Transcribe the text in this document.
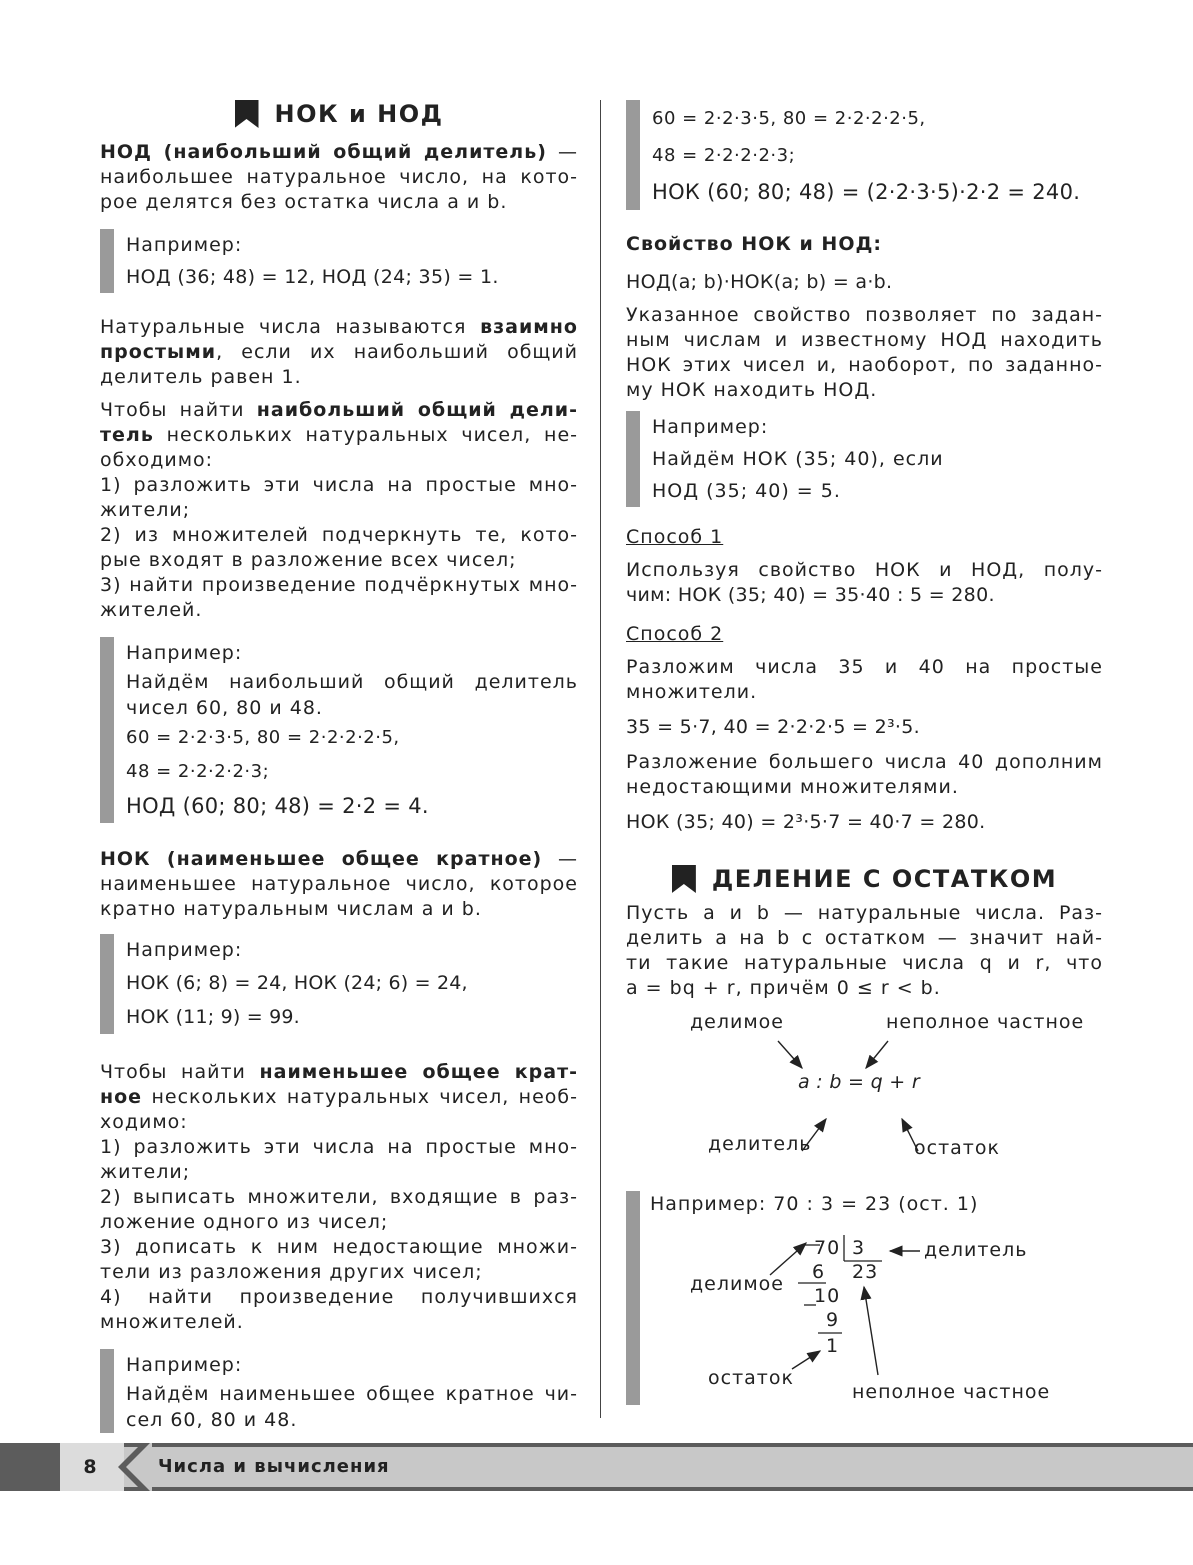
НОК и НОД

НОД (наибольший общий делитель) —

наибольшее натуральное число, на кото-

рое делятся без остатка числа a и b.

Например:
НОД (36; 48) = 12, НОД (24; 35) = 1.

Натуральные числа называются взаимно

простыми, если их наибольший общий

делитель равен 1.

Чтобы найти наибольший общий дели-

тель нескольких натуральных чисел, не-

обходимо:

1) разложить эти числа на простые мно-

жители;

2) из множителей подчеркнуть те, кото-

рые входят в разложение всех чисел;

3) найти произведение подчёркнутых мно-

жителей.

Например:
Найдём наибольший общий делитель
чисел 60, 80 и 48.
60 = 2·2·3·5, 80 = 2·2·2·2·5,
48 = 2·2·2·2·3;
НОД (60; 80; 48) = 2·2 = 4.

НОК (наименьшее общее кратное) —

наименьшее натуральное число, которое

кратно натуральным числам a и b.

Например:
НОК (6; 8) = 24, НОК (24; 6) = 24,
НОК (11; 9) = 99.

Чтобы найти наименьшее общее крат-

ное нескольких натуральных чисел, необ-

ходимо:

1) разложить эти числа на простые мно-

жители;

2) выписать множители, входящие в раз-

ложение одного из чисел;

3) дописать к ним недостающие множи-

тели из разложения других чисел;

4) найти произведение получившихся

множителей.

Например:
Найдём наименьшее общее кратное чи-
сел 60, 80 и 48.
60 = 2·2·3·5, 80 = 2·2·2·2·5,
48 = 2·2·2·2·3;
НОК (60; 80; 48) = (2·2·3·5)·2·2 = 240.

Свойство НОК и НОД:

НОД(a; b)·НОК(a; b) = a·b.

Указанное свойство позволяет по задан-

ным числам и известному НОД находить

НОК этих чисел и, наоборот, по заданно-

му НОК находить НОД.

Например:
Найдём НОК (35; 40), если
НОД (35; 40) = 5.

Способ 1

Используя свойство НОК и НОД, полу-

чим: НОК (35; 40) = 35·40 : 5 = 280.

Способ 2

Разложим числа 35 и 40 на простые

множители.

35 = 5·7, 40 = 2·2·2·5 = 2³·5.

Разложение большего числа 40 дополним

недостающими множителями.

НОК (35; 40) = 2³·5·7 = 40·7 = 280.

ДЕЛЕНИЕ С ОСТАТКОМ

Пусть a и b — натуральные числа. Раз-

делить a на b с остатком — значит най-

ти такие натуральные числа q и r, что

a = bq + r, причём 0 ≤ r < b.

делимое	неполное частное
a : b = q + r
делитель	остаток
Например: 70 : 3 = 23 (ост. 1)
70 3
6 23
10
9
1
делитель
делимое
остаток
неполное частное
8	Числа и вычисления
